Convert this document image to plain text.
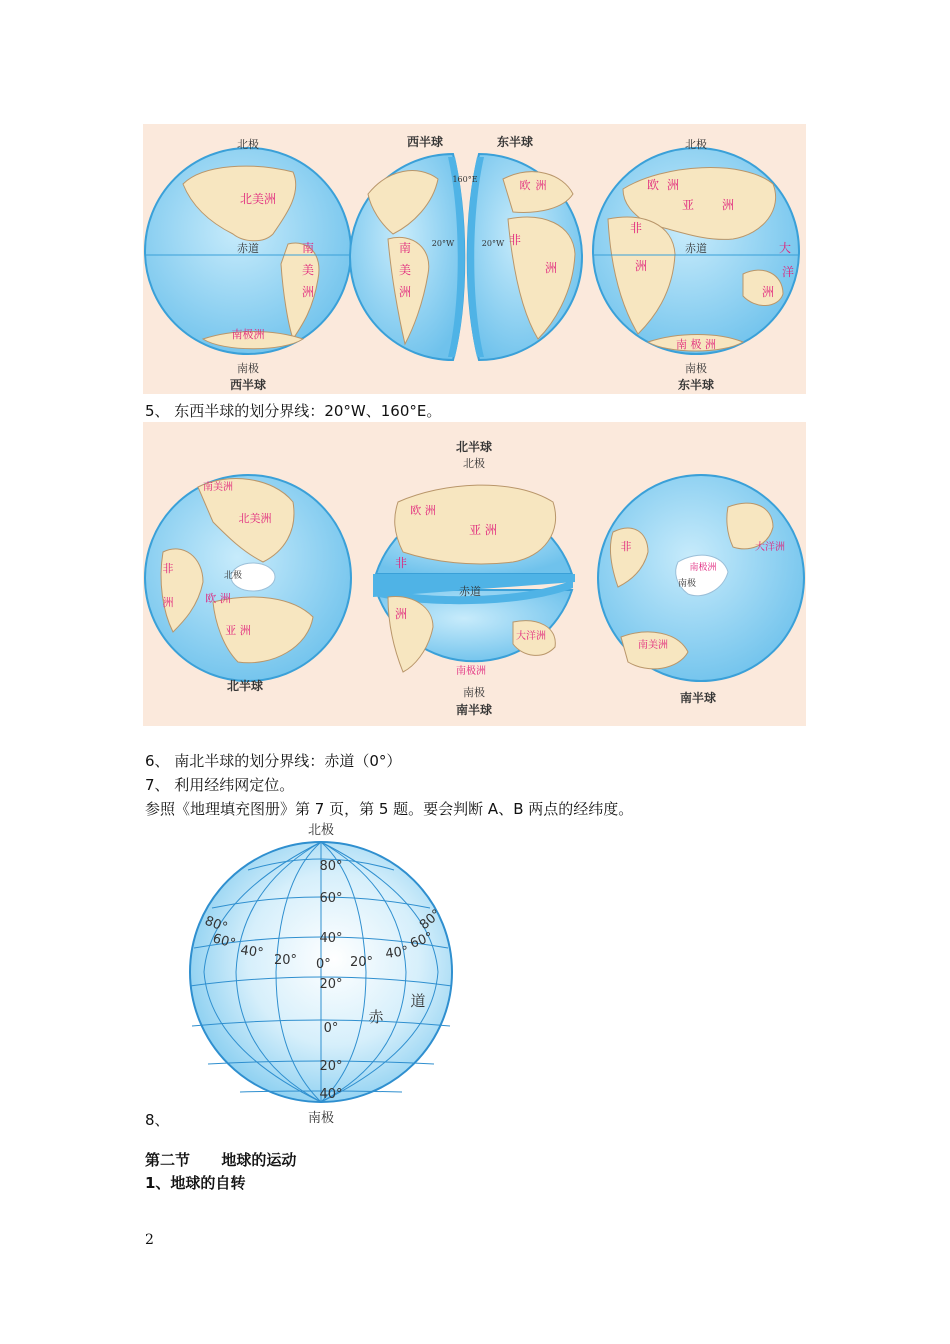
北极
北美洲
赤道	南
美
洲
南极洲
南极
西半球
西半球	东半球
160°E
20°W	20°W
欧 洲
非
洲
南
美
洲
北极
欧 洲
亚 洲
非
赤道
洲
大
洋
洲
南 极 洲
南极
东半球
5、 东西半球的划分界线：20°W、160°E。
北半球
北极
南美洲
北美洲
非
洲
北极
欧 洲
亚 洲
北半球
欧 洲
亚 洲
非
赤道
洲
大洋洲
南极洲
南极
南半球
非	大洋洲
南极洲
南极
南美洲
南半球
6、 南北半球的划分界线：赤道（0°）
7、 利用经纬网定位。
参照《地理填充图册》第 7 页，第 5 题。要会判断 A、B 两点的经纬度。
北极
80°
60°
40°
20°
0°
20°
40°
80°
60°
40° 20° 0° 20°
40°
60°
80°
赤
道
南极
8、
第二节      地球的运动
1、地球的自转
2
